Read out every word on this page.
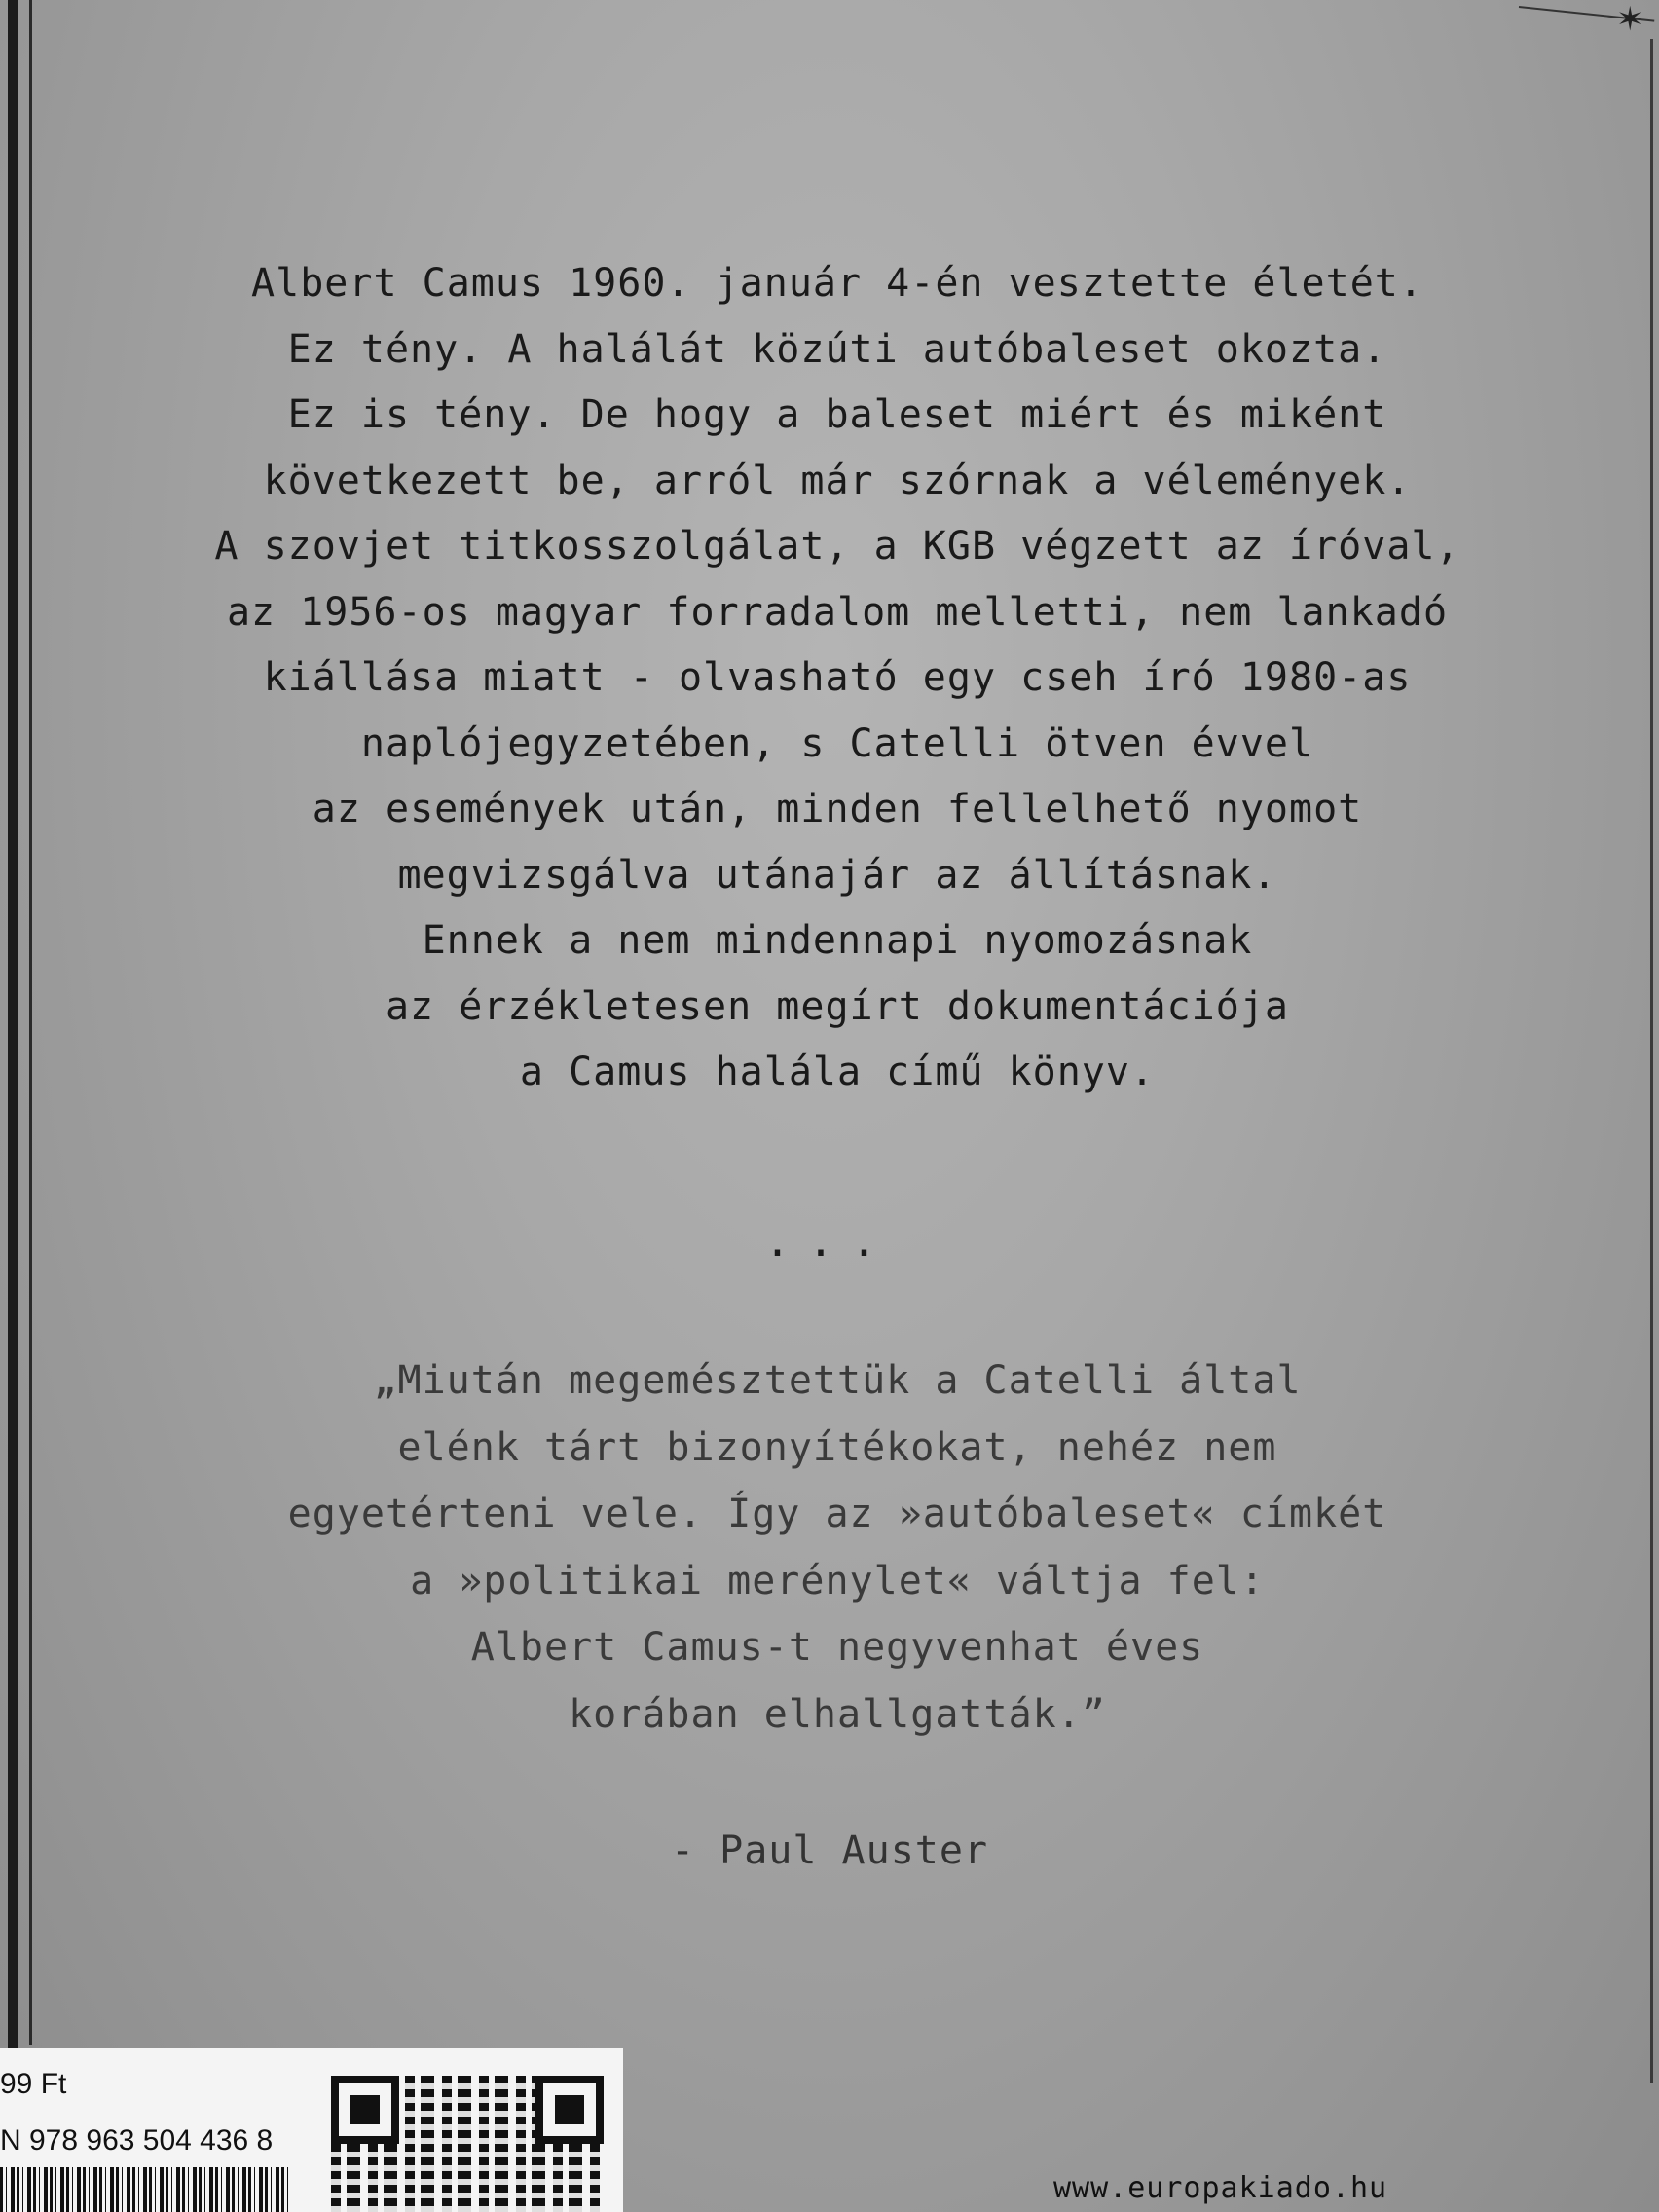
✶

Albert Camus 1960. január 4-én vesztette életét.

Ez tény. A halálát közúti autóbaleset okozta.

Ez is tény. De hogy a baleset miért és miként

következett be, arról már szórnak a vélemények.

A szovjet titkosszolgálat, a KGB végzett az íróval,

az 1956-os magyar forradalom melletti, nem lankadó

kiállása miatt - olvasható egy cseh író 1980-as

naplójegyzetében, s Catelli ötven évvel

az események után, minden fellelhető nyomot

megvizsgálva utánajár az állításnak.

Ennek a nem mindennapi nyomozásnak

az érzékletesen megírt dokumentációja

a Camus halála című könyv.

...

„Miután megemésztettük a Catelli által

elénk tárt bizonyítékokat, nehéz nem

egyetérteni vele. Így az »autóbaleset« címkét

a »politikai merénylet« váltja fel:

Albert Camus-t negyvenhat éves

korában elhallgatták.”

- Paul Auster
99 Ft
N 978 963 504 436 8
www.europakiado.hu
